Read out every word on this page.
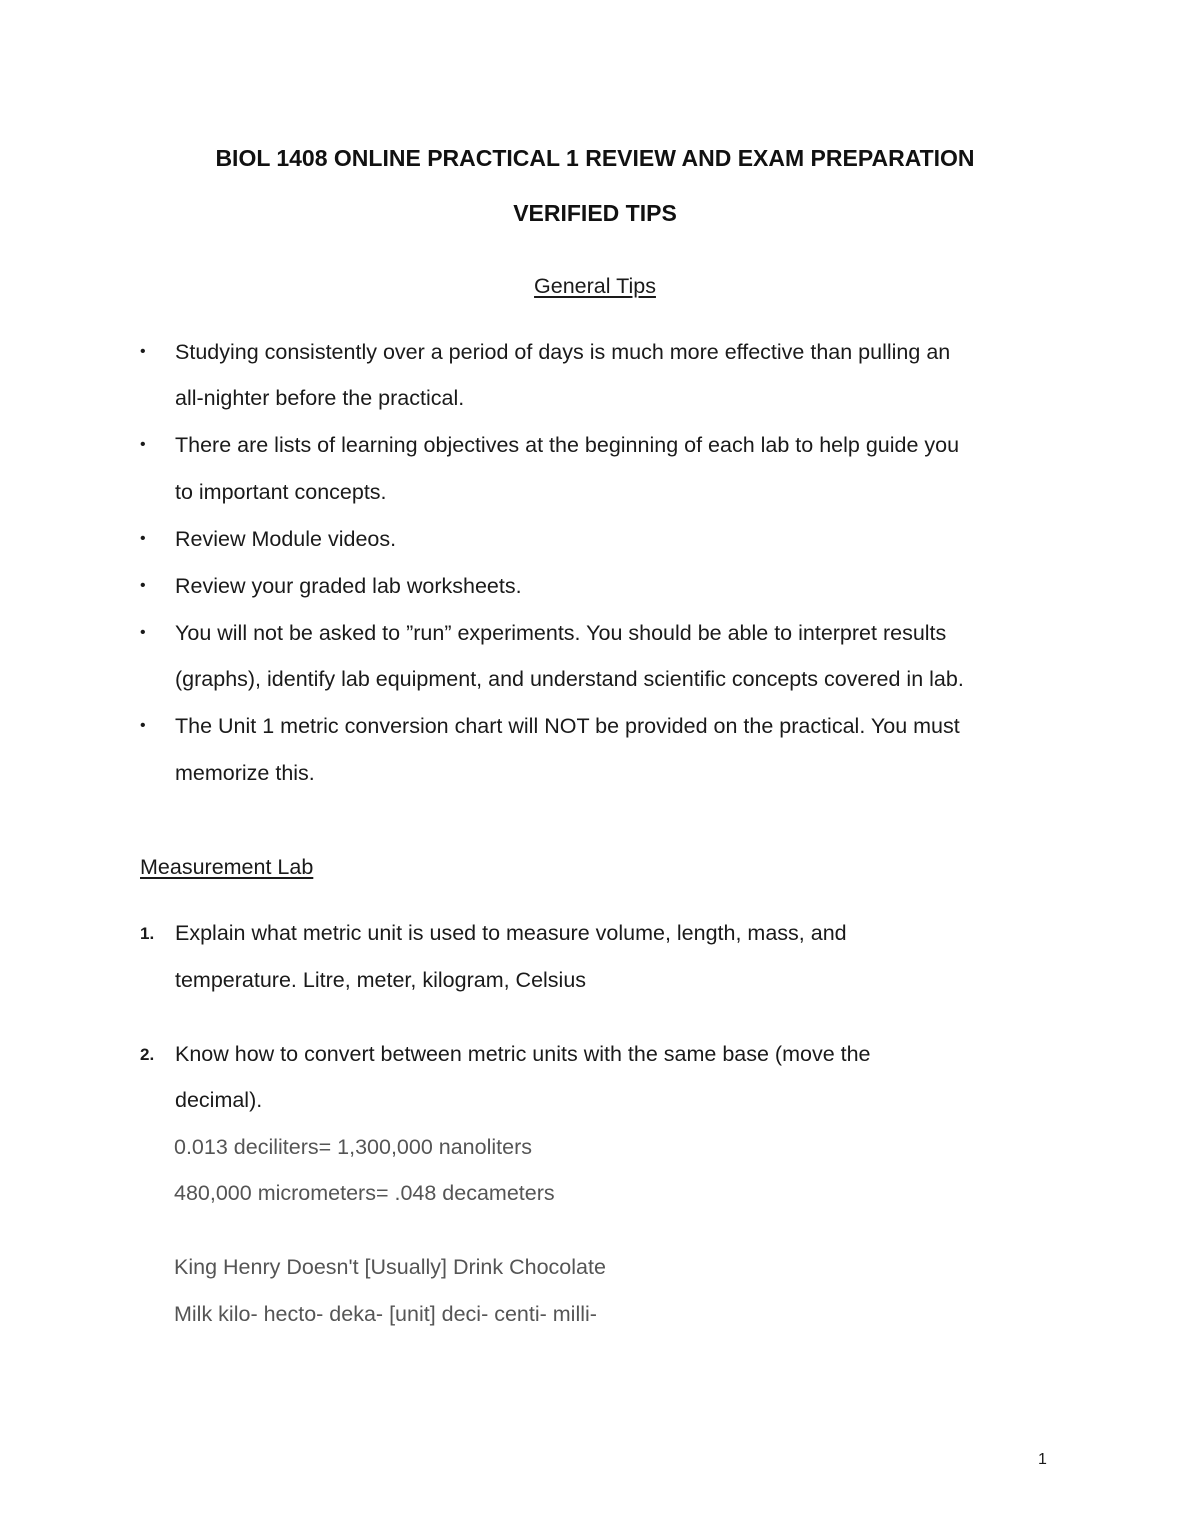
BIOL 1408 ONLINE PRACTICAL 1 REVIEW AND EXAM PREPARATION
VERIFIED TIPS
General Tips
• Studying consistently over a period of days is much more effective than pulling an
all-nighter before the practical.
• There are lists of learning objectives at the beginning of each lab to help guide you
to important concepts.
• Review Module videos.
• Review your graded lab worksheets.
• You will not be asked to ”run” experiments. You should be able to interpret results
(graphs), identify lab equipment, and understand scientific concepts covered in lab.
• The Unit 1 metric conversion chart will NOT be provided on the practical. You must
memorize this.
Measurement Lab
1. Explain what metric unit is used to measure volume, length, mass, and
temperature. Litre, meter, kilogram, Celsius
2. Know how to convert between metric units with the same base (move the
decimal).
0.013 deciliters= 1,300,000 nanoliters
480,000 micrometers= .048 decameters
King Henry Doesn't [Usually] Drink Chocolate
Milk kilo- hecto- deka- [unit] deci- centi- milli-
1
